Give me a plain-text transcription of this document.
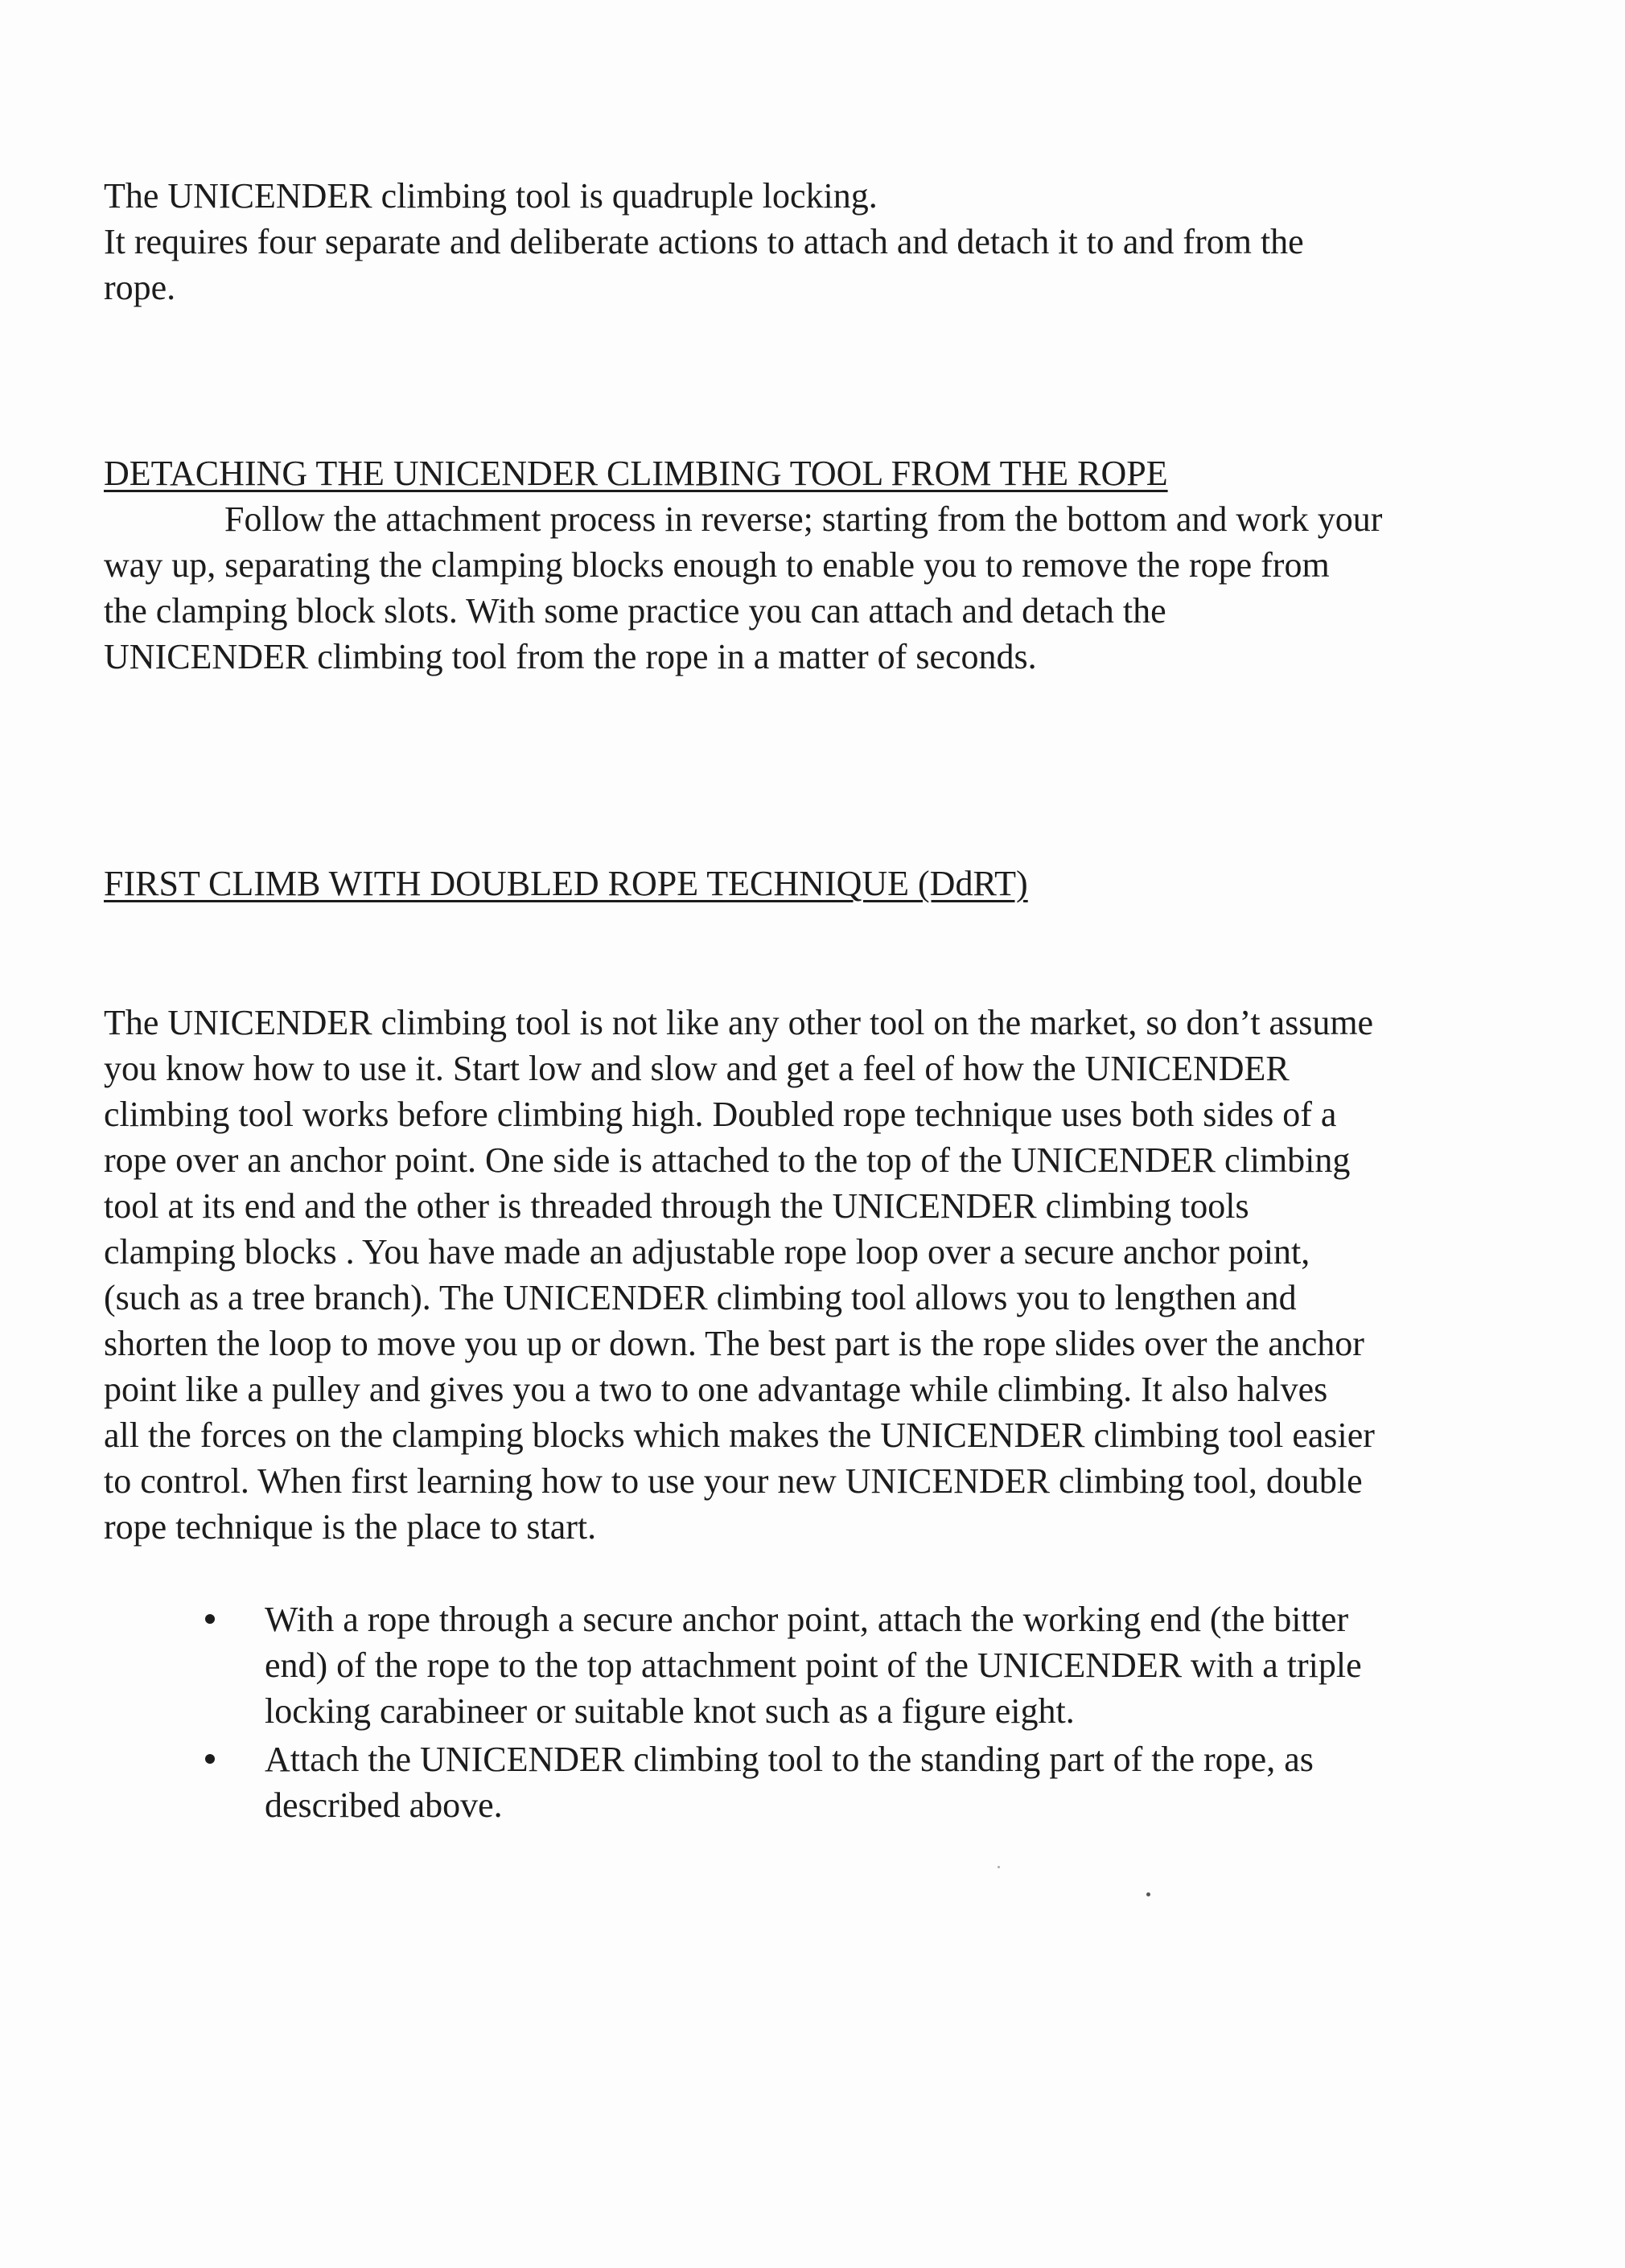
The UNICENDER climbing tool is quadruple locking.
It requires four separate and deliberate actions to attach and detach it to and from the
rope.
DETACHING THE UNICENDER CLIMBING TOOL FROM THE ROPE
Follow the attachment process in reverse; starting from the bottom and work your
way up, separating the clamping blocks enough to enable you to remove the rope from
the clamping block slots. With some practice you can attach and detach the
UNICENDER climbing tool from the rope in a matter of seconds.
FIRST CLIMB WITH DOUBLED ROPE TECHNIQUE (DdRT)
The UNICENDER climbing tool is not like any other tool on the market, so don’t assume
you know how to use it. Start low and slow and get a feel of how the UNICENDER
climbing tool works before climbing high. Doubled rope technique uses both sides of a
rope over an anchor point. One side is attached to the top of the UNICENDER climbing
tool at its end and the other is threaded through the UNICENDER climbing tools
clamping blocks . You have made an adjustable rope loop over a secure anchor point,
(such as a tree branch). The UNICENDER climbing tool allows you to lengthen and
shorten the loop to move you up or down. The best part is the rope slides over the anchor
point like a pulley and gives you a two to one advantage while climbing. It also halves
all the forces on the clamping blocks which makes the UNICENDER climbing tool easier
to control. When first learning how to use your new UNICENDER climbing tool, double
rope technique is the place to start.
With a rope through a secure anchor point, attach the working end (the bitter
end) of the rope to the top attachment point of the UNICENDER with a triple
locking carabineer or suitable knot such as a figure eight.
Attach the UNICENDER climbing tool to the standing part of the rope, as
described above.
